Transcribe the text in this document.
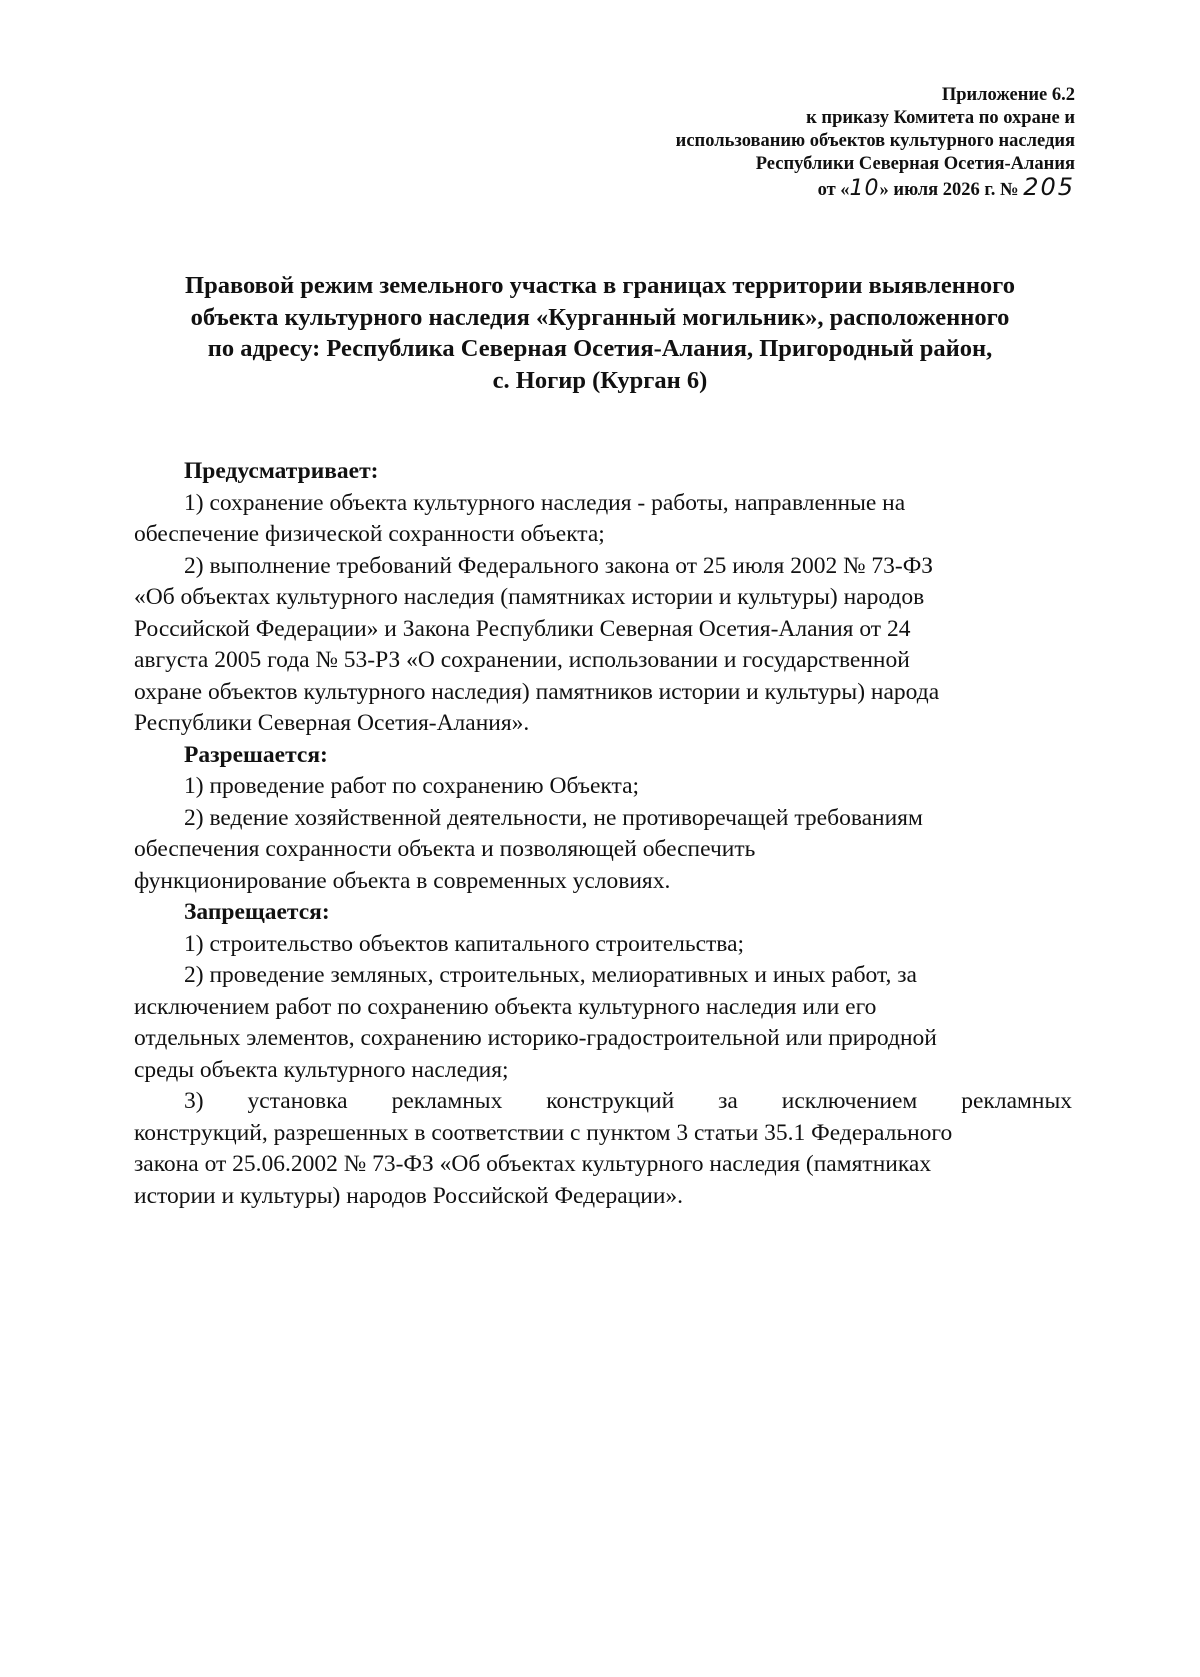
Приложение 6.2
к приказу Комитета по охране и
использованию объектов культурного наследия
Республики Северная Осетия-Алания
от «10» июля 2026 г. № 205
Правовой режим земельного участка в границах территории выявленного
объекта культурного наследия «Курганный могильник», расположенного
по адресу: Республика Северная Осетия-Алания, Пригородный район,
с. Ногир (Курган 6)
Предусматривает:
1) сохранение объекта культурного наследия - работы, направленные на
обеспечение физической сохранности объекта;
2) выполнение требований Федерального закона от 25 июля 2002 № 73-ФЗ
«Об объектах культурного наследия (памятниках истории и культуры) народов
Российской Федерации» и Закона Республики Северная Осетия-Алания от 24
августа 2005 года № 53-РЗ «О сохранении, использовании и государственной
охране объектов культурного наследия) памятников истории и культуры) народа
Республики Северная Осетия-Алания».
Разрешается:
1) проведение работ по сохранению Объекта;
2) ведение хозяйственной деятельности, не противоречащей требованиям
обеспечения сохранности объекта и позволяющей обеспечить
функционирование объекта в современных условиях.
Запрещается:
1) строительство объектов капитального строительства;
2) проведение земляных, строительных, мелиоративных и иных работ, за
исключением работ по сохранению объекта культурного наследия или его
отдельных элементов, сохранению историко-градостроительной или природной
среды объекта культурного наследия;
3) установка рекламных конструкций за исключением рекламных
конструкций, разрешенных в соответствии с пунктом 3 статьи 35.1 Федерального
закона от 25.06.2002 № 73-ФЗ «Об объектах культурного наследия (памятниках
истории и культуры) народов Российской Федерации».
